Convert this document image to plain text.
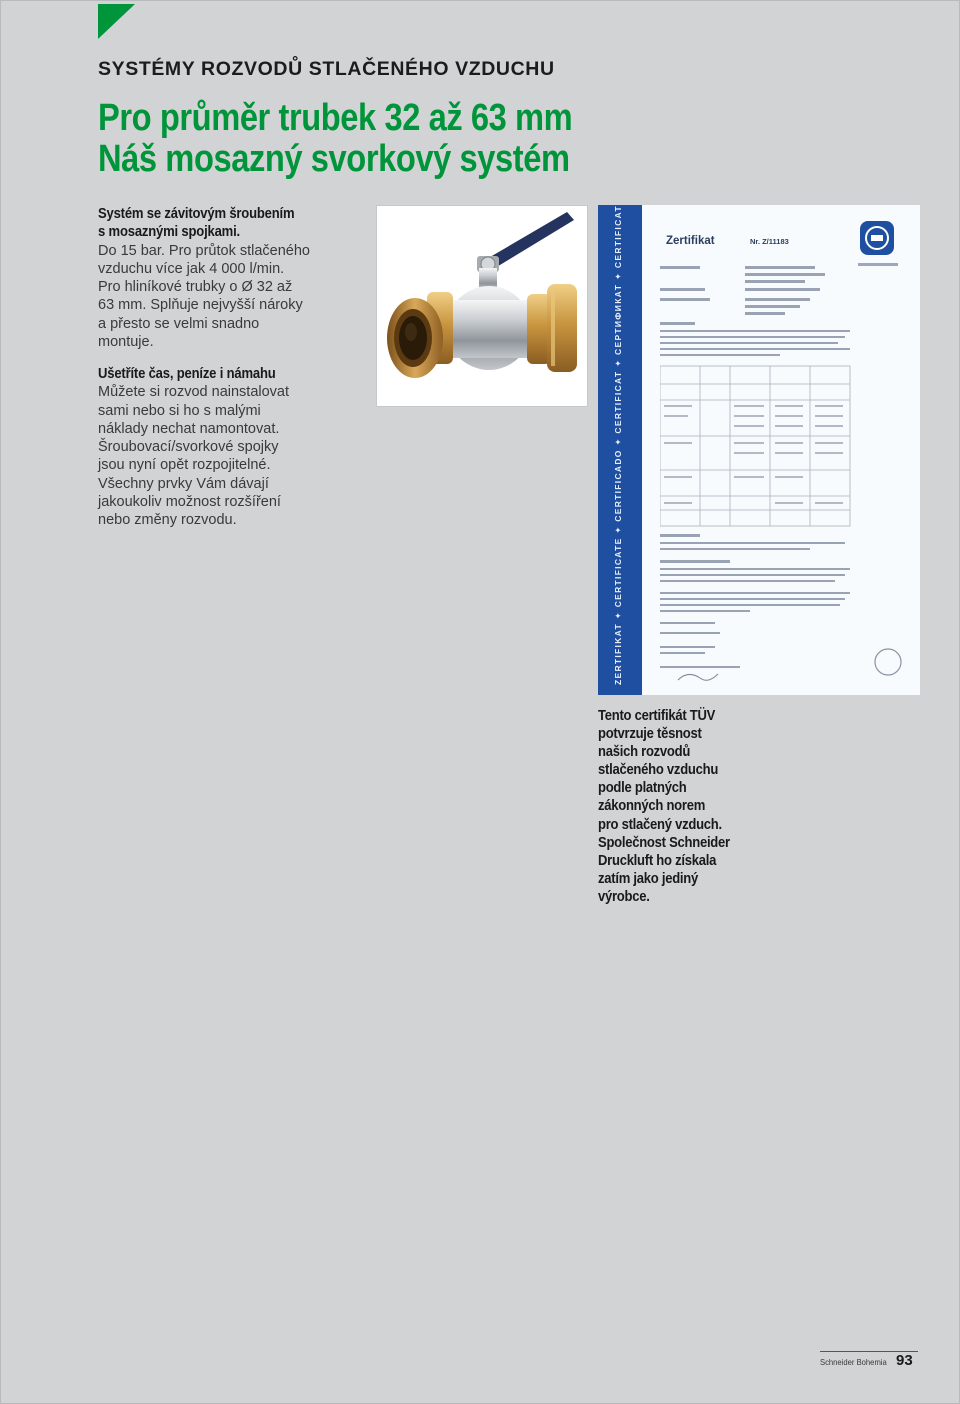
SYSTÉMY ROZVODŮ STLAČENÉHO VZDUCHU
Pro průměr trubek 32 až 63 mm
Náš mosazný svorkový systém
Systém se závitovým šroubením
s mosaznými spojkami.
Do 15 bar. Pro průtok stlačeného
vzduchu více jak 4 000 l/min.
Pro hliníkové trubky o Ø 32 až
63 mm. Splňuje nejvyšší nároky
a přesto se velmi snadno
montuje.
Ušetříte čas, peníze i námahu
Můžete si rozvod nainstalovat
sami nebo si ho s malými
náklady nechat namontovat.
Šroubovací/svorkové spojky
jsou nyní opět rozpojitelné.
Všechny prvky Vám dávají
jakoukoliv možnost rozšíření
nebo změny rozvodu.	ZERTIFIKAT ✦ CERTIFICATE ✦ CERTIFICADO ✦ CERTIFICAT ✦ СЕРТИФИКАТ ✦ CERTIFICAT	Zertifikat	Nr. Z/11183
Tento certifikát TÜV
potvrzuje těsnost
našich rozvodů
stlačeného vzduchu
podle platných
zákonných norem
pro stlačený vzduch.
Společnost Schneider
Druckluft ho získala
zatím jako jediný
výrobce.
Schneider Bohemia 93
